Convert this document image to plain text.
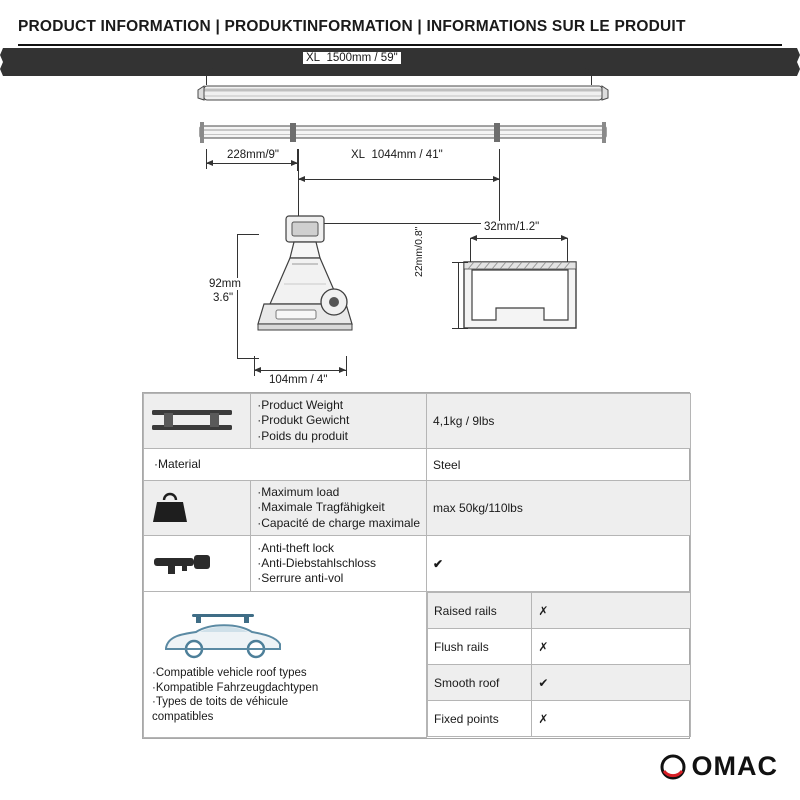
PRODUCT INFORMATION | PRODUKTINFORMATION | INFORMATIONS SUR LE PRODUIT
XL 1500mm / 59"
228mm/9"	XL 1044mm / 41"
92mm
3.6"
104mm / 4"
32mm/1.2"
22mm/0.8"

·Product Weight
·Produkt Gewicht
·Poids du produit
	4,1kg / 9lbs

·Material	Steel

·Maximum load
·Maximale Tragfähigkeit
·Capacité de charge maximale
	max 50kg/110lbs

·Anti-theft lock
·Anti-Diebstahlschloss
·Serrure anti-vol
	✔

·Compatible vehicle roof types
·Kompatible Fahrzeugdachtypen
·Types de toits de véhicule
compatibles

Raised rails	✗
Flush rails	✗
Smooth roof	✔
Fixed points	✗
OMAC
